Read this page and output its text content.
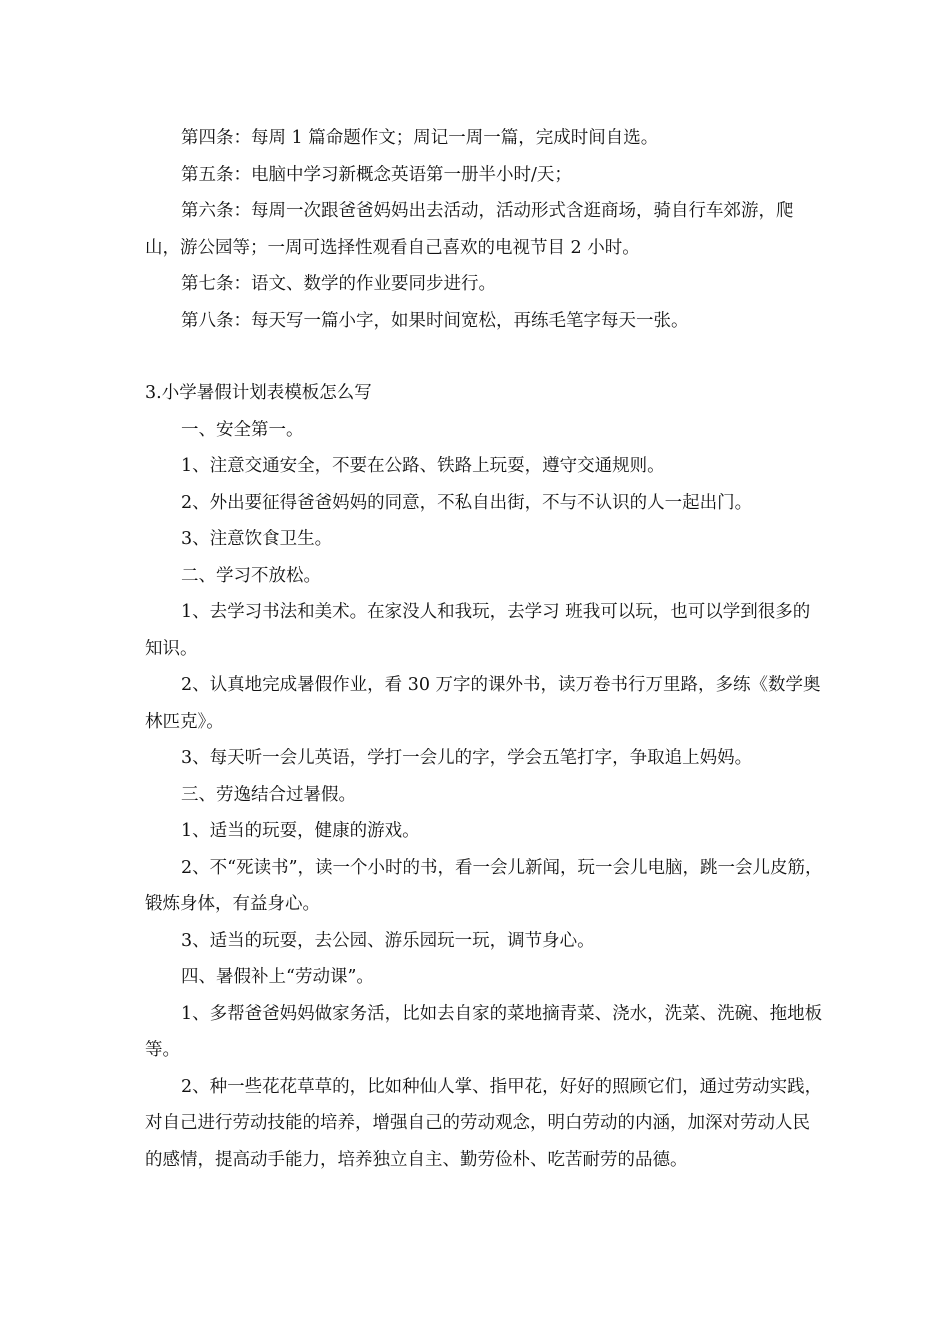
第四条：每周 1 篇命题作文；周记一周一篇，完成时间自选。

第五条：电脑中学习新概念英语第一册半小时/天；

第六条：每周一次跟爸爸妈妈出去活动，活动形式含逛商场，骑自行车郊游，爬山，游公园等；一周可选择性观看自己喜欢的电视节目 2 小时。

第七条：语文、数学的作业要同步进行。

第八条：每天写一篇小字，如果时间宽松，再练毛笔字每天一张。

3.小学暑假计划表模板怎么写

一、安全第一。

1、注意交通安全，不要在公路、铁路上玩耍，遵守交通规则。

2、外出要征得爸爸妈妈的同意，不私自出街，不与不认识的人一起出门。

3、注意饮食卫生。

二、学习不放松。

1、去学习书法和美术。在家没人和我玩，去学习 班我可以玩，也可以学到很多的知识。

2、认真地完成暑假作业，看 30 万字的课外书，读万卷书行万里路，多练《数学奥林匹克》。

3、每天听一会儿英语，学打一会儿的字，学会五笔打字，争取追上妈妈。

三、劳逸结合过暑假。

1、适当的玩耍，健康的游戏。

2、不“死读书”，读一个小时的书，看一会儿新闻，玩一会儿电脑，跳一会儿皮筋，锻炼身体，有益身心。

3、适当的玩耍，去公园、游乐园玩一玩，调节身心。

四、暑假补上“劳动课”。

1、多帮爸爸妈妈做家务活，比如去自家的菜地摘青菜、浇水，洗菜、洗碗、拖地板等。

2、种一些花花草草的，比如种仙人掌、指甲花，好好的照顾它们，通过劳动实践，对自己进行劳动技能的培养，增强自己的劳动观念，明白劳动的内涵，加深对劳动人民的感情，提高动手能力，培养独立自主、勤劳俭朴、吃苦耐劳的品德。
